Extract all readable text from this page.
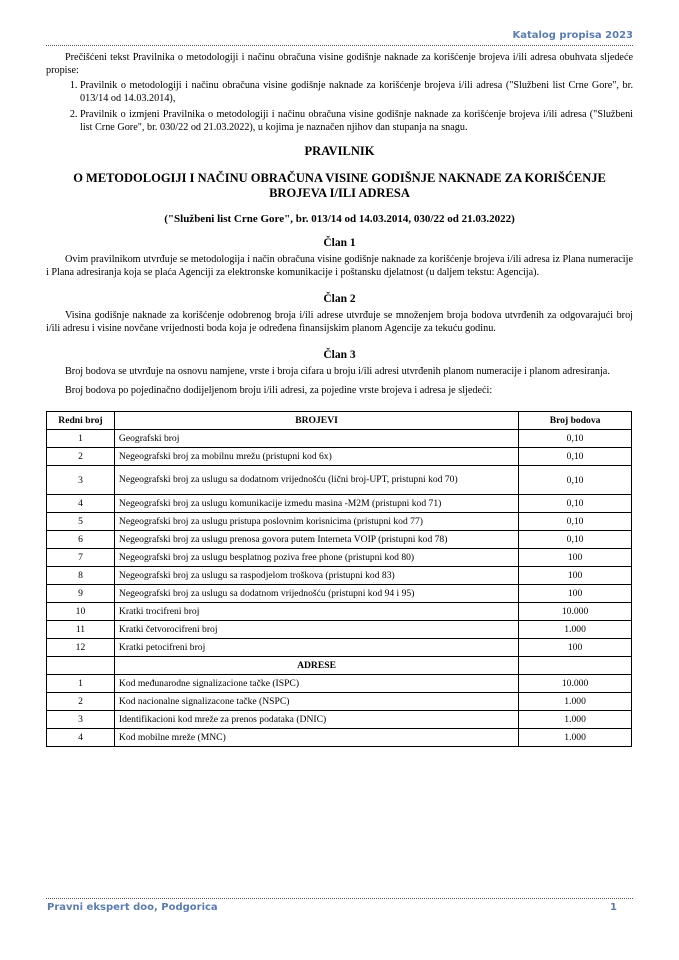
Katalog propisa 2023
Prečišćeni tekst Pravilnika o metodologiji i načinu obračuna visine godišnje naknade za korišćenje brojeva i/ili adresa obuhvata sljedeće propise:
1. Pravilnik o metodologiji i načinu obračuna visine godišnje naknade za korišćenje brojeva i/ili adresa ("Službeni list Crne Gore", br. 013/14 od 14.03.2014),
2. Pravilnik o izmjeni Pravilnika o metodologiji i načinu obračuna visine godišnje naknade za korišćenje brojeva i/ili adresa ("Službeni list Crne Gore", br. 030/22 od 21.03.2022), u kojima je naznačen njihov dan stupanja na snagu.
PRAVILNIK
O METODOLOGIJI I NAČINU OBRAČUNA VISINE GODIŠNJE NAKNADE ZA KORIŠĆENJE BROJEVA I/ILI ADRESA
("Službeni list Crne Gore", br. 013/14 od 14.03.2014, 030/22 od 21.03.2022)
Član 1
Ovim pravilnikom utvrđuje se metodologija i način obračuna visine godišnje naknade za korišćenje brojeva i/ili adresa iz Plana numeracije i Plana adresiranja koja se plaća Agenciji za elektronske komunikacije i poštansku djelatnost (u daljem tekstu: Agencija).
Član 2
Visina godišnje naknade za korišćenje odobrenog broja i/ili adrese utvrđuje se množenjem broja bodova utvrđenih za odgovarajući broj i/ili adresu i visine novčane vrijednosti boda koja je određena finansijskim planom Agencije za tekuću godinu.
Član 3
Broj bodova se utvrđuje na osnovu namjene, vrste i broja cifara u broju i/ili adresi utvrđenih planom numeracije i planom adresiranja.
Broj bodova po pojedinačno dodijeljenom broju i/ili adresi, za pojedine vrste brojeva i adresa je sljedeći:
Redni broj	BROJEVI	Broj bodova
1	Geografski broj	0,10
2	Negeografski broj za mobilnu mrežu (pristupni kod 6x)	0,10
3	Negeografski broj za uslugu sa dodatnom vrijednošću (lični broj-UPT, pristupni kod 70)	0,10
4	Negeografski broj za uslugu komunikacije izmedu masina -M2M (pristupni kod 71)	0,10
5	Negeografski broj za uslugu pristupa poslovnim korisnicima (pristupni kod 77)	0,10
6	Negeografski broj za uslugu prenosa govora putem Interneta VOIP (pristupni kod 78)	0,10
7	Negeografski broj za uslugu besplatnog poziva free phone (pristupni kod 80)	100
8	Negeografski broj za uslugu sa raspodjelom troškova (pristupni kod 83)	100
9	Negeografski broj za uslugu sa dodatnom vrijednošću (pristupni kod 94 i 95)	100
10	Kratki trocifreni broj	10.000
11	Kratki četvorocifreni broj	1.000
12	Kratki petocifreni broj	100
	ADRESE	
1	Kod međunarodne signalizacione tačke (ISPC)	10.000
2	Kod nacionalne signalizacone tačke (NSPC)	1.000
3	Identifikacioni kod mreže za prenos podataka (DNIC)	1.000
4	Kod mobilne mreže (MNC)	1.000
Pravni ekspert doo, Podgorica	1
